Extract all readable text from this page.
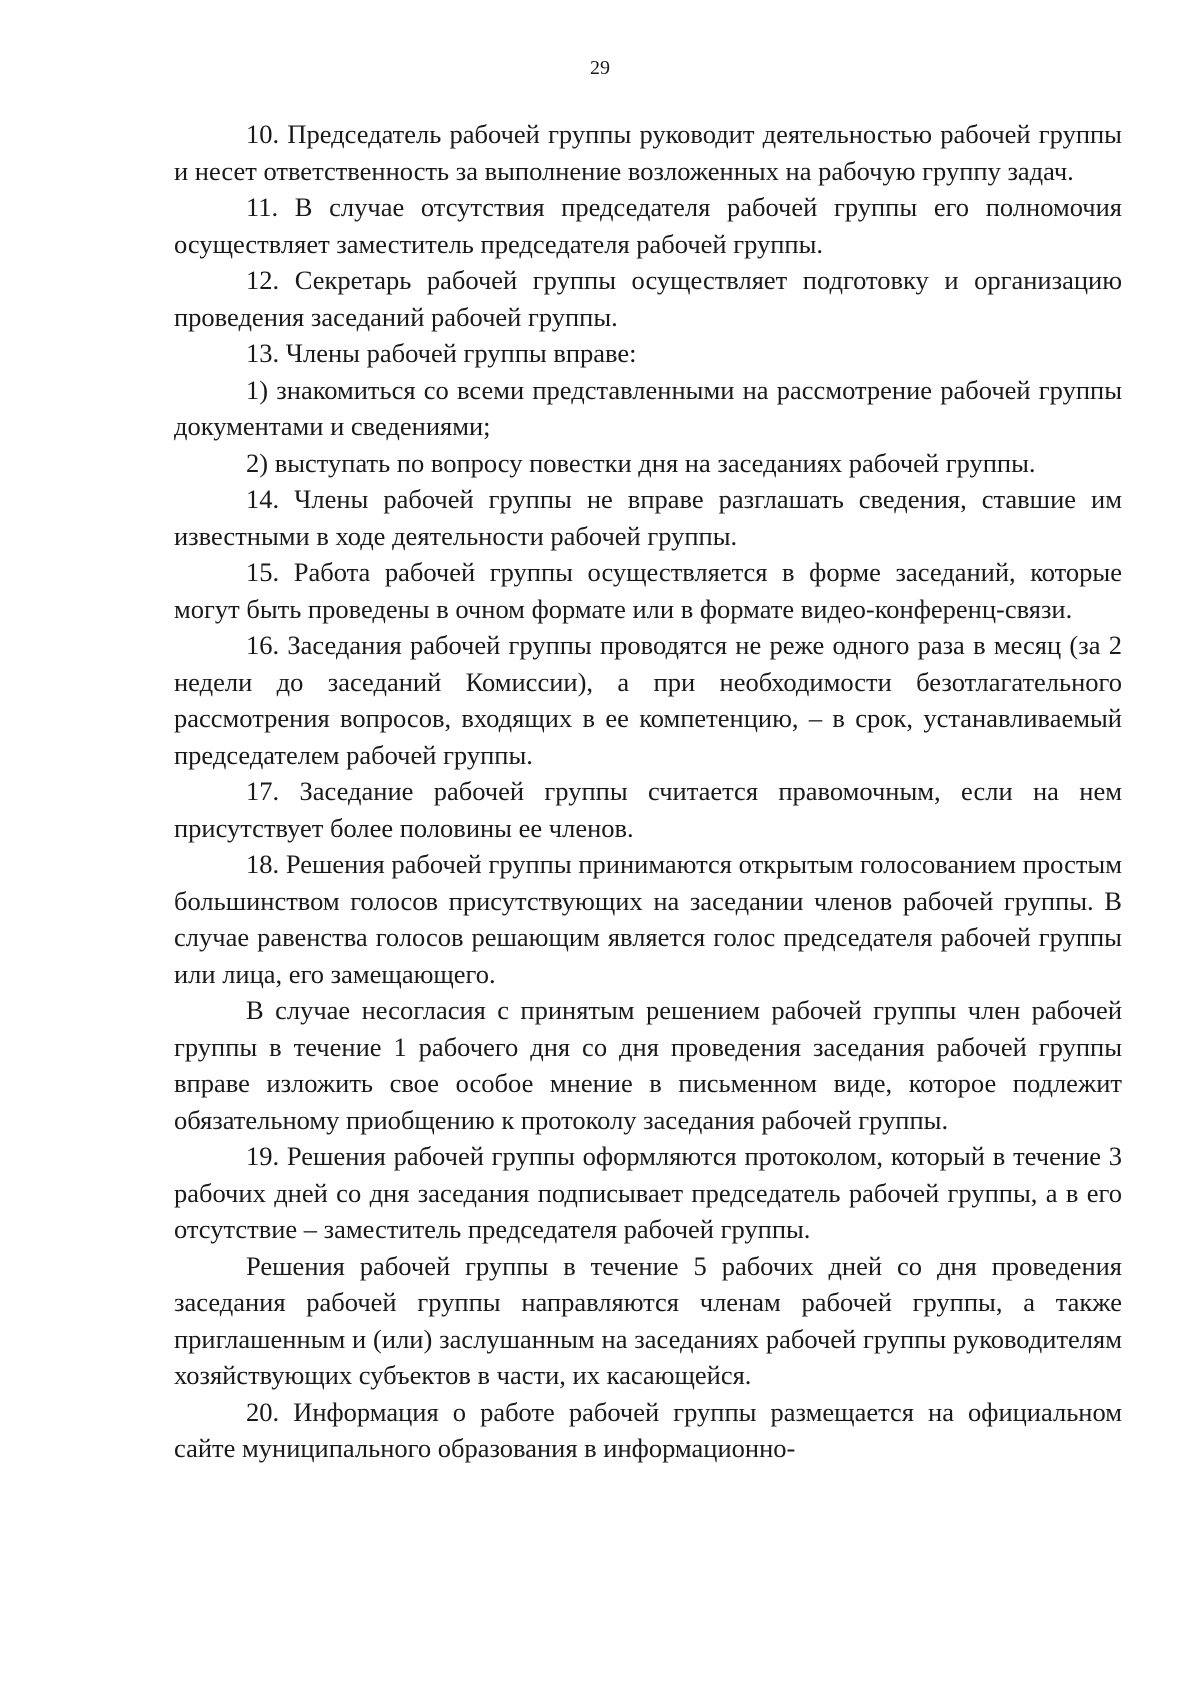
29

10. Председатель рабочей группы руководит деятельностью рабочей группы и несет ответственность за выполнение возложенных на рабочую группу задач.

11. В случае отсутствия председателя рабочей группы его полномочия осуществляет заместитель председателя рабочей группы.

12. Секретарь рабочей группы осуществляет подготовку и организацию проведения заседаний рабочей группы.

13. Члены рабочей группы вправе:

1) знакомиться со всеми представленными на рассмотрение рабочей группы документами и сведениями;

2) выступать по вопросу повестки дня на заседаниях рабочей группы.

14. Члены рабочей группы не вправе разглашать сведения, ставшие им известными в ходе деятельности рабочей группы.

15. Работа рабочей группы осуществляется в форме заседаний, которые могут быть проведены в очном формате или в формате видео-конференц-связи.

16. Заседания рабочей группы проводятся не реже одного раза в месяц (за 2 недели до заседаний Комиссии), а при необходимости безотлагательного рассмотрения вопросов, входящих в ее компетенцию, – в срок, устанавливаемый председателем рабочей группы.

17. Заседание рабочей группы считается правомочным, если на нем присутствует более половины ее членов.

18. Решения рабочей группы принимаются открытым голосованием простым большинством голосов присутствующих на заседании членов рабочей группы. В случае равенства голосов решающим является голос председателя рабочей группы или лица, его замещающего.

В случае несогласия с принятым решением рабочей группы член рабочей группы в течение 1 рабочего дня со дня проведения заседания рабочей группы вправе изложить свое особое мнение в письменном виде, которое подлежит обязательному приобщению к протоколу заседания рабочей группы.

19. Решения рабочей группы оформляются протоколом, который в течение 3 рабочих дней со дня заседания подписывает председатель рабочей группы, а в его отсутствие – заместитель председателя рабочей группы.

Решения рабочей группы в течение 5 рабочих дней со дня проведения заседания рабочей группы направляются членам рабочей группы, а также приглашенным и (или) заслушанным на заседаниях рабочей группы руководителям хозяйствующих субъектов в части, их касающейся.

20. Информация о работе рабочей группы размещается на официальном сайте муниципального образования в информационно-
